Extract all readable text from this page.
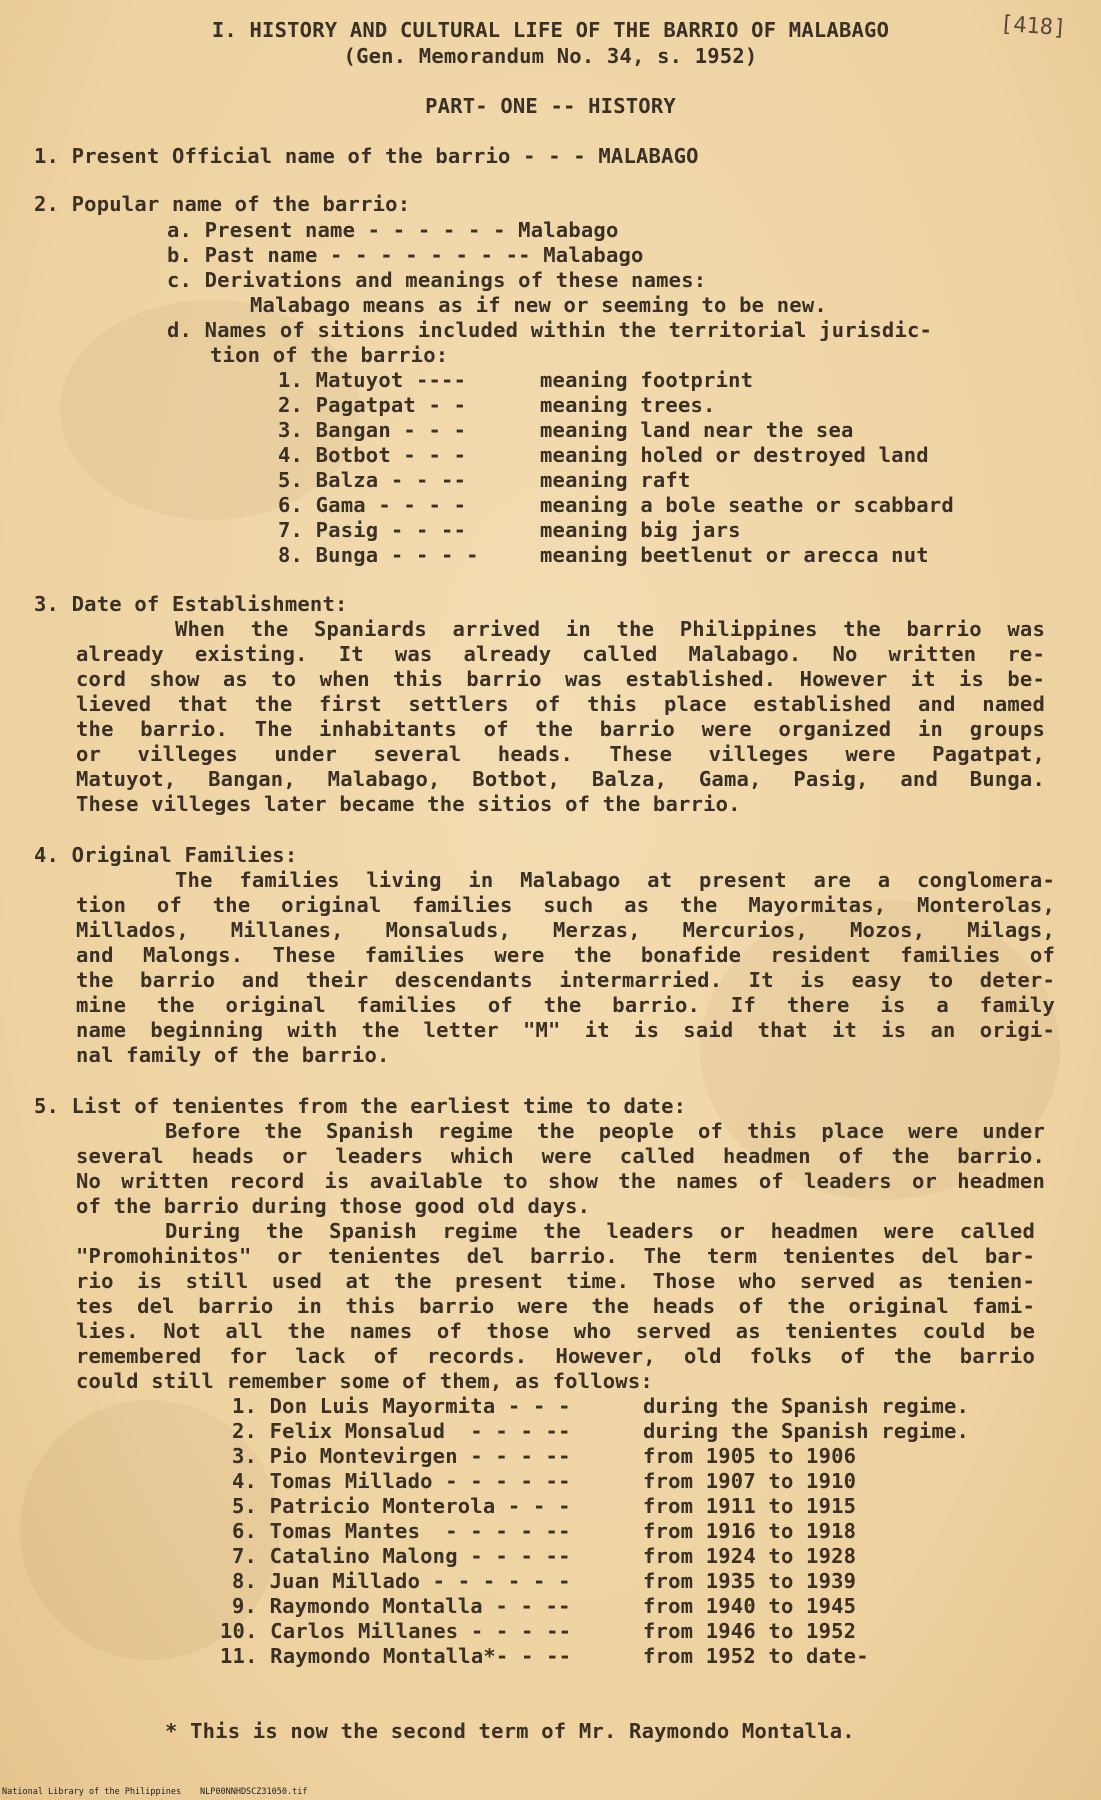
I. HISTORY AND CULTURAL LIFE OF THE BARRIO OF MALABAGO
(Gen. Memorandum No. 34, s. 1952)
[418]
PART- ONE -- HISTORY
1. Present Official name of the barrio - - - MALABAGO
2. Popular name of the barrio:
a. Present name - - - - - - Malabago
b. Past name - - - - - - - -- Malabago
c. Derivations and meanings of these names:
Malabago means as if new or seeming to be new.
d. Names of sitions included within the territorial jurisdic-
tion of the barrio:
1. Matuyot ----	meaning footprint
2. Pagatpat - -	meaning trees.
3. Bangan - - -	meaning land near the sea
4. Botbot - - -	meaning holed or destroyed land
5. Balza - - --	meaning raft
6. Gama - - - -	meaning a bole seathe or scabbard
7. Pasig - - --	meaning big jars
8. Bunga - - - -	meaning beetlenut or arecca nut
3. Date of Establishment:
When the Spaniards arrived in the Philippines the barrio was
already existing. It was already called Malabago. No written re-
cord show as to when this barrio was established. However it is be-
lieved that the first settlers of this place established and named
the barrio. The inhabitants of the barrio were organized in groups
or villeges under several heads. These villeges were Pagatpat,
Matuyot, Bangan, Malabago, Botbot, Balza, Gama, Pasig, and Bunga.
These villeges later became the sitios of the barrio.
4. Original Families:
The families living in Malabago at present are a conglomera-
tion of the original families such as the Mayormitas, Monterolas,
Millados, Millanes, Monsaluds, Merzas, Mercurios, Mozos, Milags,
and Malongs. These families were the bonafide resident families of
the barrio and their descendants intermarried. It is easy to deter-
mine the original families of the barrio. If there is a family
name beginning with the letter "M" it is said that it is an origi-
nal family of the barrio.
5. List of tenientes from the earliest time to date:
Before the Spanish regime the people of this place were under
several heads or leaders which were called headmen of the barrio.
No written record is available to show the names of leaders or headmen
of the barrio during those good old days.
During the Spanish regime the leaders or headmen were called
"Promohinitos" or tenientes del barrio. The term tenientes del bar-
rio is still used at the present time. Those who served as tenien-
tes del barrio in this barrio were the heads of the original fami-
lies. Not all the names of those who served as tenientes could be
remembered for lack of records. However, old folks of the barrio
could still remember some of them, as follows:
1. Don Luis Mayormita - - -	during the Spanish regime.
2. Felix Monsalud  - - - --	during the Spanish regime.
3. Pio Montevirgen - - - --	from 1905 to 1906
4. Tomas Millado - - - - --	from 1907 to 1910
5. Patricio Monterola - - -	from 1911 to 1915
6. Tomas Mantes  - - - - --	from 1916 to 1918
7. Catalino Malong - - - --	from 1924 to 1928
8. Juan Millado - - - - - -	from 1935 to 1939
9. Raymondo Montalla - - --	from 1940 to 1945
10. Carlos Millanes - - - --	from 1946 to 1952
11. Raymondo Montalla*- - --	from 1952 to date-
* This is now the second term of Mr. Raymondo Montalla.
National Library of the Philippines NLP00NNHDSCZ31050.tif
